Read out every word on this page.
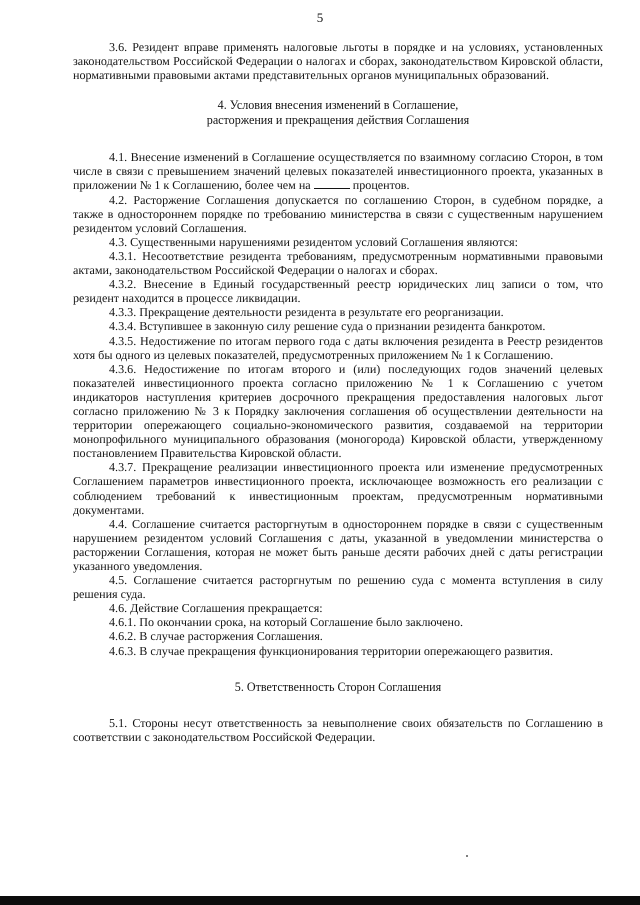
5

3.6. Резидент вправе применять налоговые льготы в порядке и на условиях, установленных законодательством Российской Федерации о налогах и сборах, законодательством Кировской области, нормативными правовыми актами представительных органов муниципальных образований.

4. Условия внесения изменений в Соглашение,
расторжения и прекращения действия Соглашения

4.1. Внесение изменений в Соглашение осуществляется по взаимному согласию Сторон, в том числе в связи с превышением значений целевых показателей инвестиционного проекта, указанных в приложении № 1 к Соглашению, более чем на	процентов.

4.2. Расторжение Соглашения допускается по соглашению Сторон, в судебном порядке, а также в одностороннем порядке по требованию министерства в связи с существенным нарушением резидентом условий Соглашения.

4.3. Существенными нарушениями резидентом условий Соглашения являются:

4.3.1. Несоответствие резидента требованиям, предусмотренным нормативными правовыми актами, законодательством Российской Федерации о налогах и сборах.

4.3.2. Внесение в Единый государственный реестр юридических лиц записи о том, что резидент находится в процессе ликвидации.

4.3.3. Прекращение деятельности резидента в результате его реорганизации.

4.3.4. Вступившее в законную силу решение суда о признании резидента банкротом.

4.3.5. Недостижение по итогам первого года с даты включения резидента в Реестр резидентов хотя бы одного из целевых показателей, предусмотренных приложением № 1 к Соглашению.

4.3.6. Недостижение по итогам второго и (или) последующих годов значений целевых показателей инвестиционного проекта согласно приложению № 1 к Соглашению с учетом индикаторов наступления критериев досрочного прекращения предоставления налоговых льгот согласно приложению № 3 к Порядку заключения соглашения об осуществлении деятельности на территории опережающего социально-экономического развития, создаваемой на территории монопрофильного муниципального образования (моногорода) Кировской области, утвержденному постановлением Правительства Кировской области.

4.3.7. Прекращение реализации инвестиционного проекта или изменение предусмотренных Соглашением параметров инвестиционного проекта, исключающее возможность его реализации с соблюдением требований к инвестиционным проектам, предусмотренным нормативными документами.

4.4. Соглашение считается расторгнутым в одностороннем порядке в связи с существенным нарушением резидентом условий Соглашения с даты, указанной в уведомлении министерства о расторжении Соглашения, которая не может быть раньше десяти рабочих дней с даты регистрации указанного уведомления.

4.5. Соглашение считается расторгнутым по решению суда с момента вступления в силу решения суда.

4.6. Действие Соглашения прекращается:

4.6.1. По окончании срока, на который Соглашение было заключено.

4.6.2. В случае расторжения Соглашения.

4.6.3. В случае прекращения функционирования территории опережающего развития.

5. Ответственность Сторон Соглашения

5.1. Стороны несут ответственность за невыполнение своих обязательств по Соглашению в соответствии с законодательством Российской Федерации.
